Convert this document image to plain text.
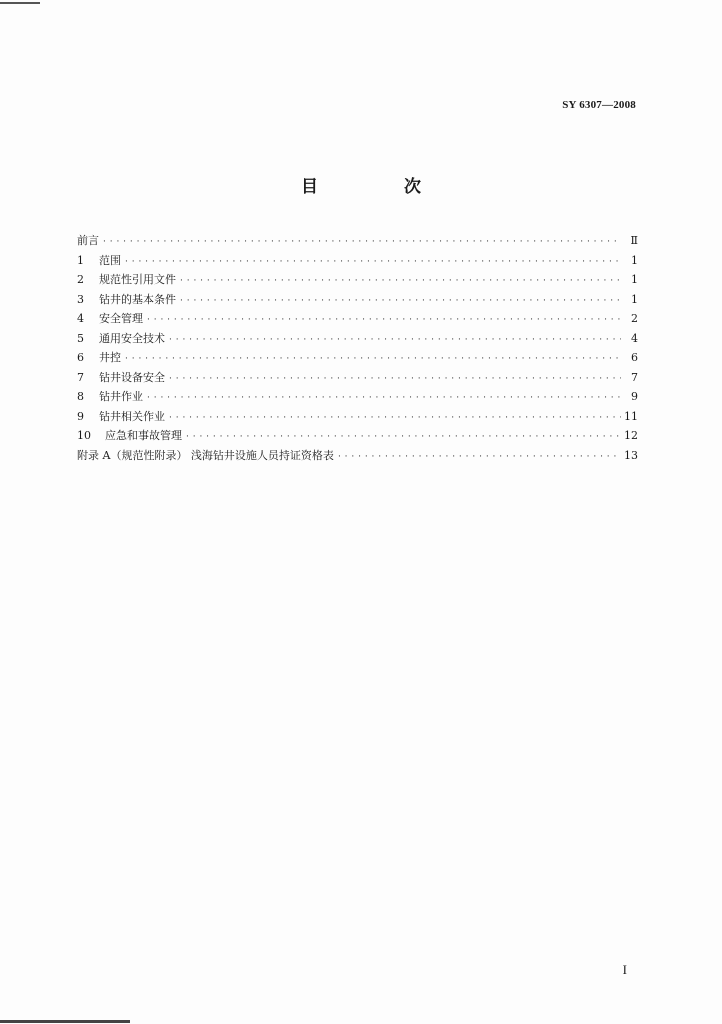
SY 6307—2008
目 次
前言 · · ·	Ⅱ
1	范围 · · ·	1
2	规范性引用文件 · · ·	1
3	钻井的基本条件 · · ·	1
4	安全管理 · · ·	2
5	通用安全技术 · · ·	4
6	井控 · · ·	6
7	钻井设备安全 · · ·	7
8	钻井作业 · · ·	9
9	钻井相关作业 · · ·	11
10	应急和事故管理 · · ·	12
附录 A（规范性附录） 浅海钻井设施人员持证资格表 · · ·	13
I
